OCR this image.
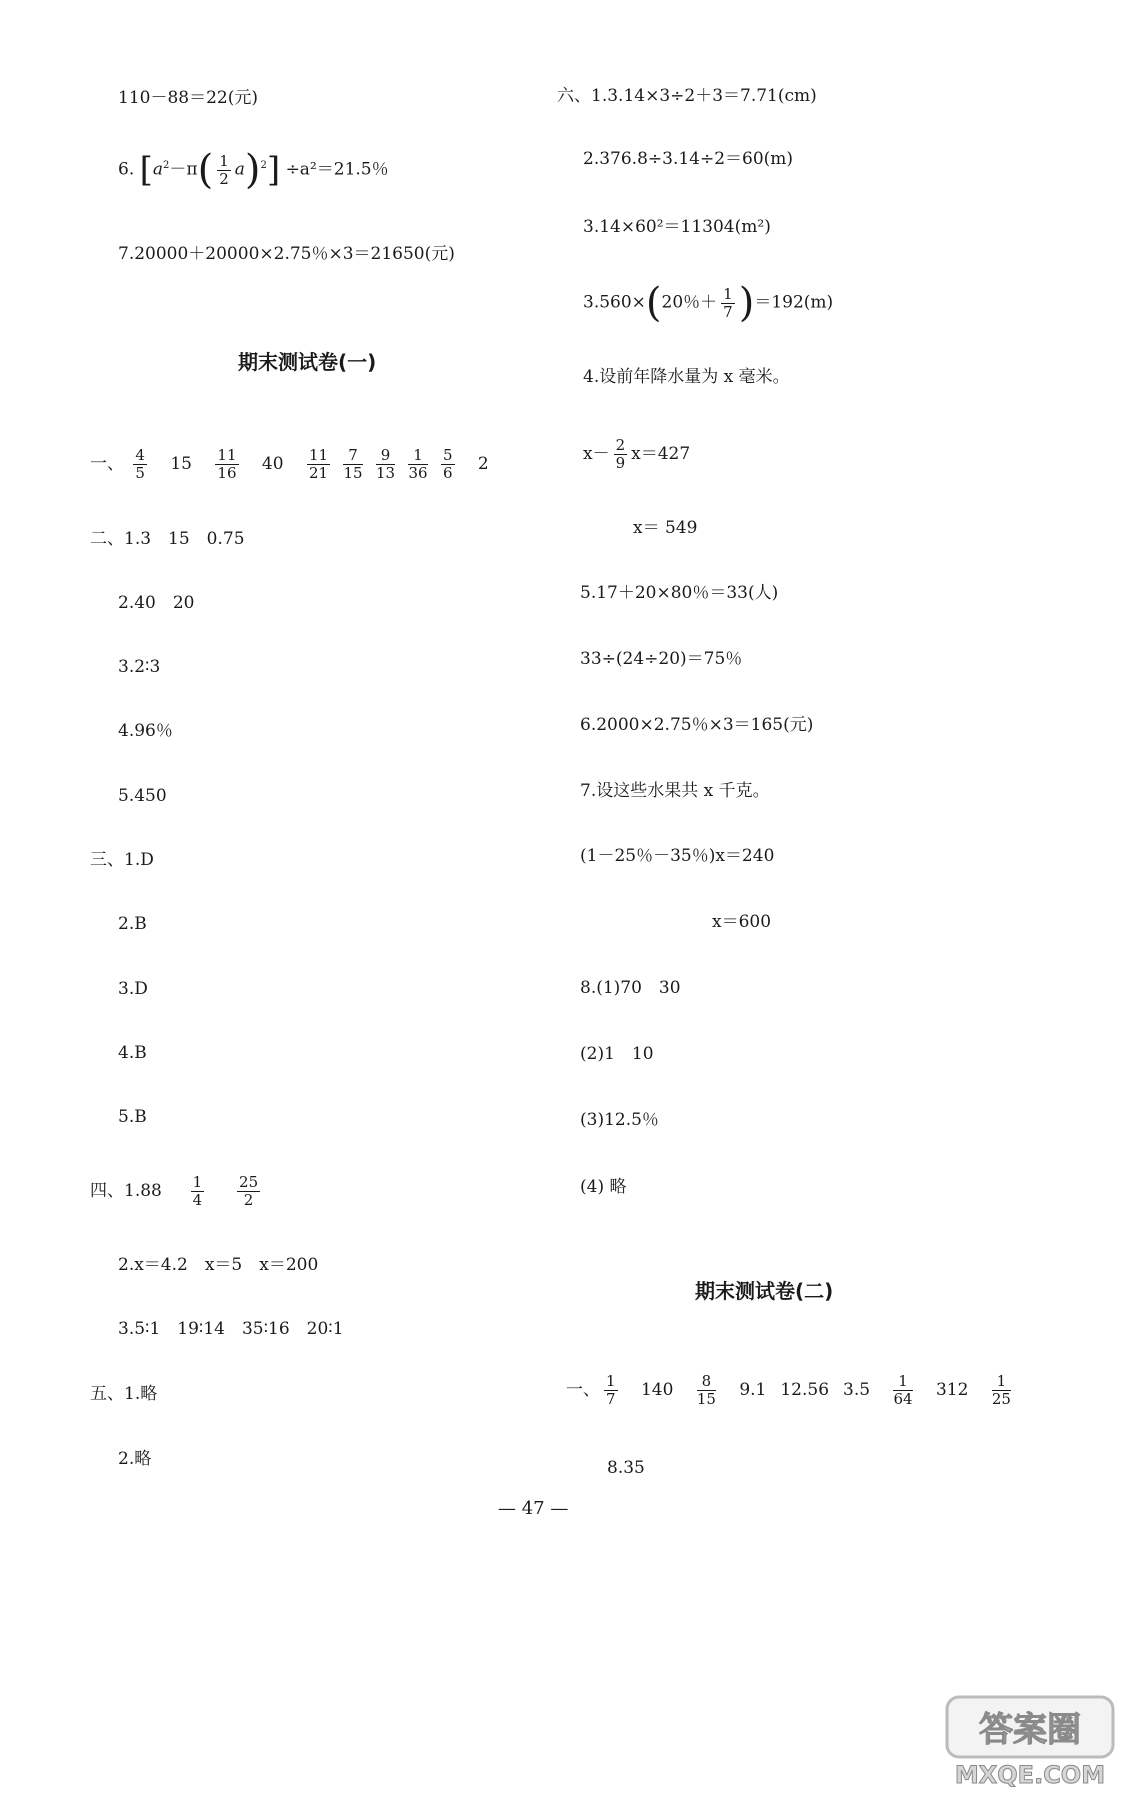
110－88＝22(元)
6. $[a^2-\pi( \frac{1}{2} a)^2] \div a^2=21.5$％
7.20000＋20000×2.75％×3＝21650(元)
期末测试卷(一)
一、 $\frac{4}{5} 15 \frac{11}{16} 40 \frac{11}{21}$
$\frac{7}{15}$
$\frac{9}{13}$
$\frac{1}{36}$
$\frac{5}{6} 2$
二、1.3　15　0.75
2.40　20
3.2∶3
4.96％
5.450
三、1.D
2.B
3.D
4.B
5.B
四、$1.88 \frac{1}{4}$
$\frac{25}{2}$
2.x＝4.2　x＝5　x＝200
3.5∶1　19∶14　35∶16　20∶1
五、1.略
2.略
六、1.3.14×3÷2＋3＝7.71(cm)
2.376.8÷3.14÷2＝60(m)
3.14×60²＝11304(m²)
3.560×(20％＋ $\frac{1}{7} )=192(m)$
4.设前年降水量为 x 毫米。
$x- \frac{2}{9} x=427$
x＝ 549
5.17＋20×80％＝33(人)
33÷(24÷20)＝75％
6.2000×2.75％×3＝165(元)
7.设这些水果共 x 千克。
(1－25％－35％)x＝240
x＝600
8.(1)70　30
(2)1　10
(3)12.5％
(4) 略
期末测试卷(二)
一、 $\frac{1}{7} 140 \frac{8}{15} 9.1$ 12.56 $3.5 \frac{1}{64} 312 \frac{1}{25}$
8.35
— 47 —
答案圈
MXQE.COM
